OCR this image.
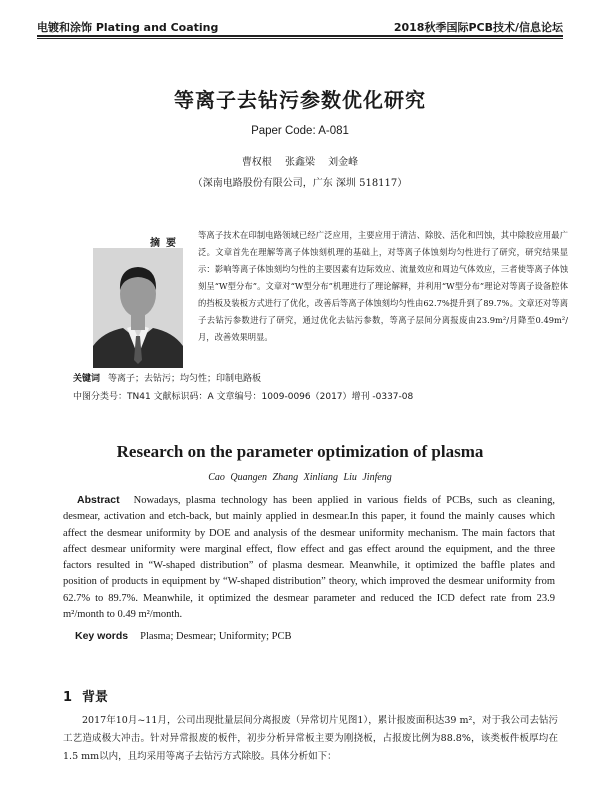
电镀和涂饰 Plating and Coating	2018秋季国际PCB技术/信息论坛
等离子去钻污参数优化研究
Paper Code: A-081
曹权根 张鑫梁 刘金峰
（深南电路股份有限公司，广东 深圳 518117）
摘要
等离子技术在印制电路领域已经广泛应用，主要应用于清洁、除胶、活化和凹蚀，其中除胶应用最广泛。文章首先在理解等离子体蚀刻机理的基础上，对等离子体蚀刻均匀性进行了研究，研究结果显示：影响等离子体蚀刻均匀性的主要因素有边际效应、流量效应和周边气体效应，三者使等离子体蚀刻呈“W型分布”。文章对“W型分布”机理进行了理论解释，并利用“W型分布”理论对等离子设备腔体的挡板及装板方式进行了优化，改善后等离子体蚀刻均匀性由62.7%提升到了89.7%。文章还对等离子去钻污参数进行了研究，通过优化去钻污参数，等离子层间分离报废由23.9m²/月降至0.49m²/月，改善效果明显。
关键词 等离子；去钻污；均匀性；印制电路板
中图分类号：TN41 文献标识码：A 文章编号：1009-0096（2017）增刊 -0337-08
Research on the parameter optimization of plasma
Cao Quangen Zhang Xinliang Liu Jinfeng
Abstract Nowadays, plasma technology has been applied in various fields of PCBs, such as cleaning, desmear, activation and etch-back, but mainly applied in desmear.In this paper, it found the mainly causes which affect the desmear uniformity by DOE and analysis of the desmear uniformity mechanism. The main factors that affect desmear uniformity were marginal effect, flow effect and gas effect around the equipment, and the three factors resulted in “W-shaped distribution” of plasma desmear. Meanwhile, it optimized the baffle plates and position of products in equipment by “W-shaped distribution” theory, which improved the desmear uniformity from 62.7% to 89.7%. Meanwhile, it optimized the desmear parameter and reduced the ICD defect rate from 23.9 m²/month to 0.49 m²/month.
Key words Plasma; Desmear; Uniformity; PCB
1 背景
2017年10月~11月，公司出现批量层间分离报废（异常切片见图1），累计报废面积达39 m²，对于我公司去钻污工艺造成极大冲击。针对异常报废的板件，初步分析异常板主要为刚挠板，占报废比例为88.8%，该类板件板厚均在1.5 mm以内，且均采用等离子去钻污方式除胶。具体分析如下：
